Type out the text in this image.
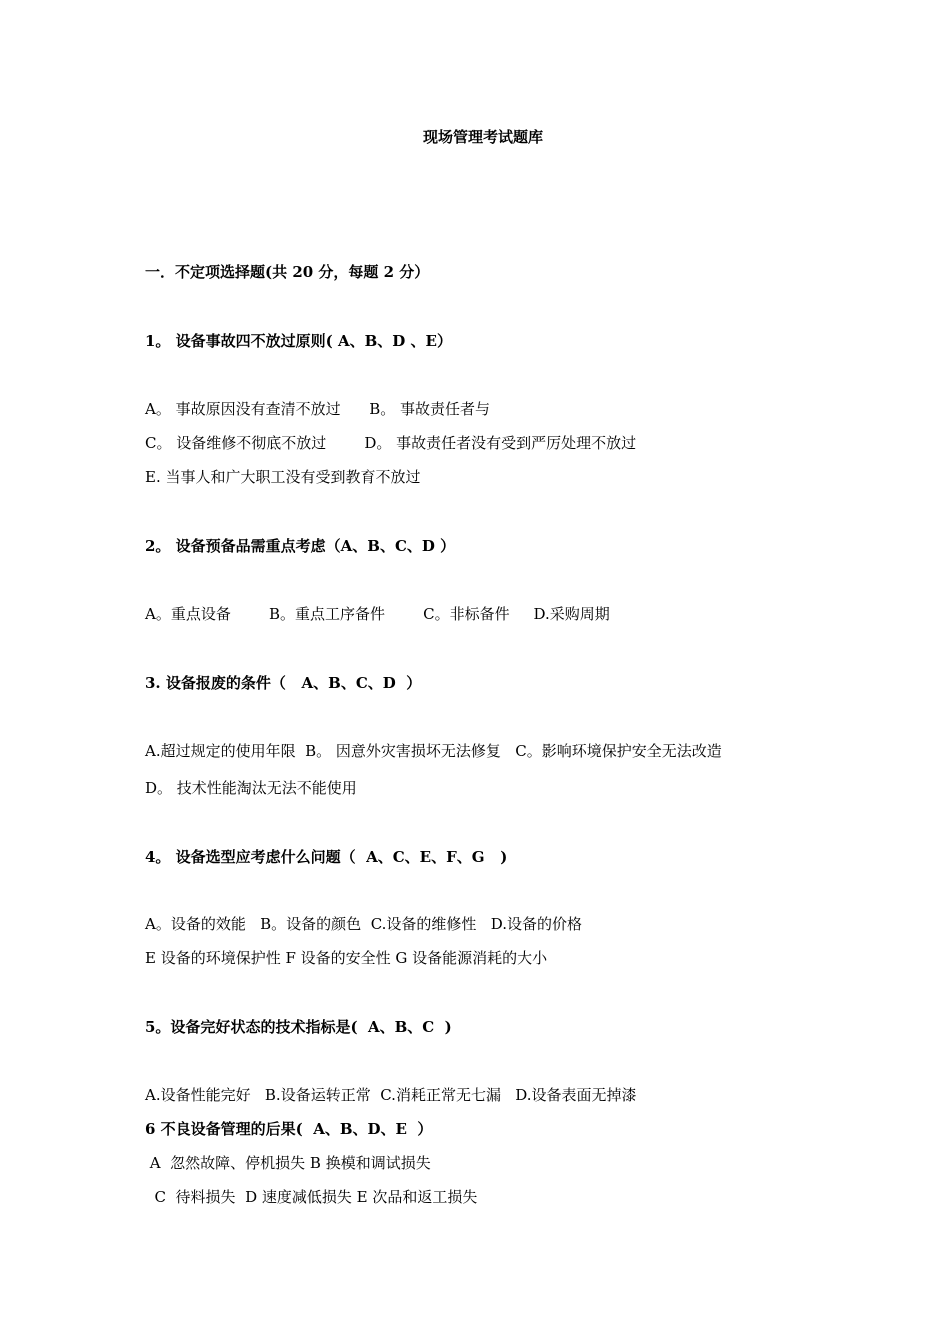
现场管理考试题库
一．不定项选择题(共 20 分，每题 2 分）
1。 设备事故四不放过原则( A、B、D 、E）
A。 事故原因没有查清不放过      B。 事故责任者与
C。 设备维修不彻底不放过        D。 事故责任者没有受到严厉处理不放过
E. 当事人和广大职工没有受到教育不放过
2。 设备预备品需重点考虑（A、B、C、D ）
A。重点设备        B。重点工序备件        C。非标备件     D.采购周期
3. 设备报废的条件（   A、B、C、D  ）
A.超过规定的使用年限  B。 因意外灾害损坏无法修复   C。影响环境保护安全无法改造
D。 技术性能淘汰无法不能使用
4。 设备选型应考虑什么问题（  A、C、E、F、G   )
A。设备的效能   B。设备的颜色  C.设备的维修性   D.设备的价格
E 设备的环境保护性 F 设备的安全性 G 设备能源消耗的大小
5。设备完好状态的技术指标是(  A、B、C  )
A.设备性能完好   B.设备运转正常  C.消耗正常无七漏   D.设备表面无掉漆
6 不良设备管理的后果(  A、B、D、E  ）
A  忽然故障、停机损失 B 换模和调试损失
C  待料损失  D 速度减低损失 E 次品和返工损失
